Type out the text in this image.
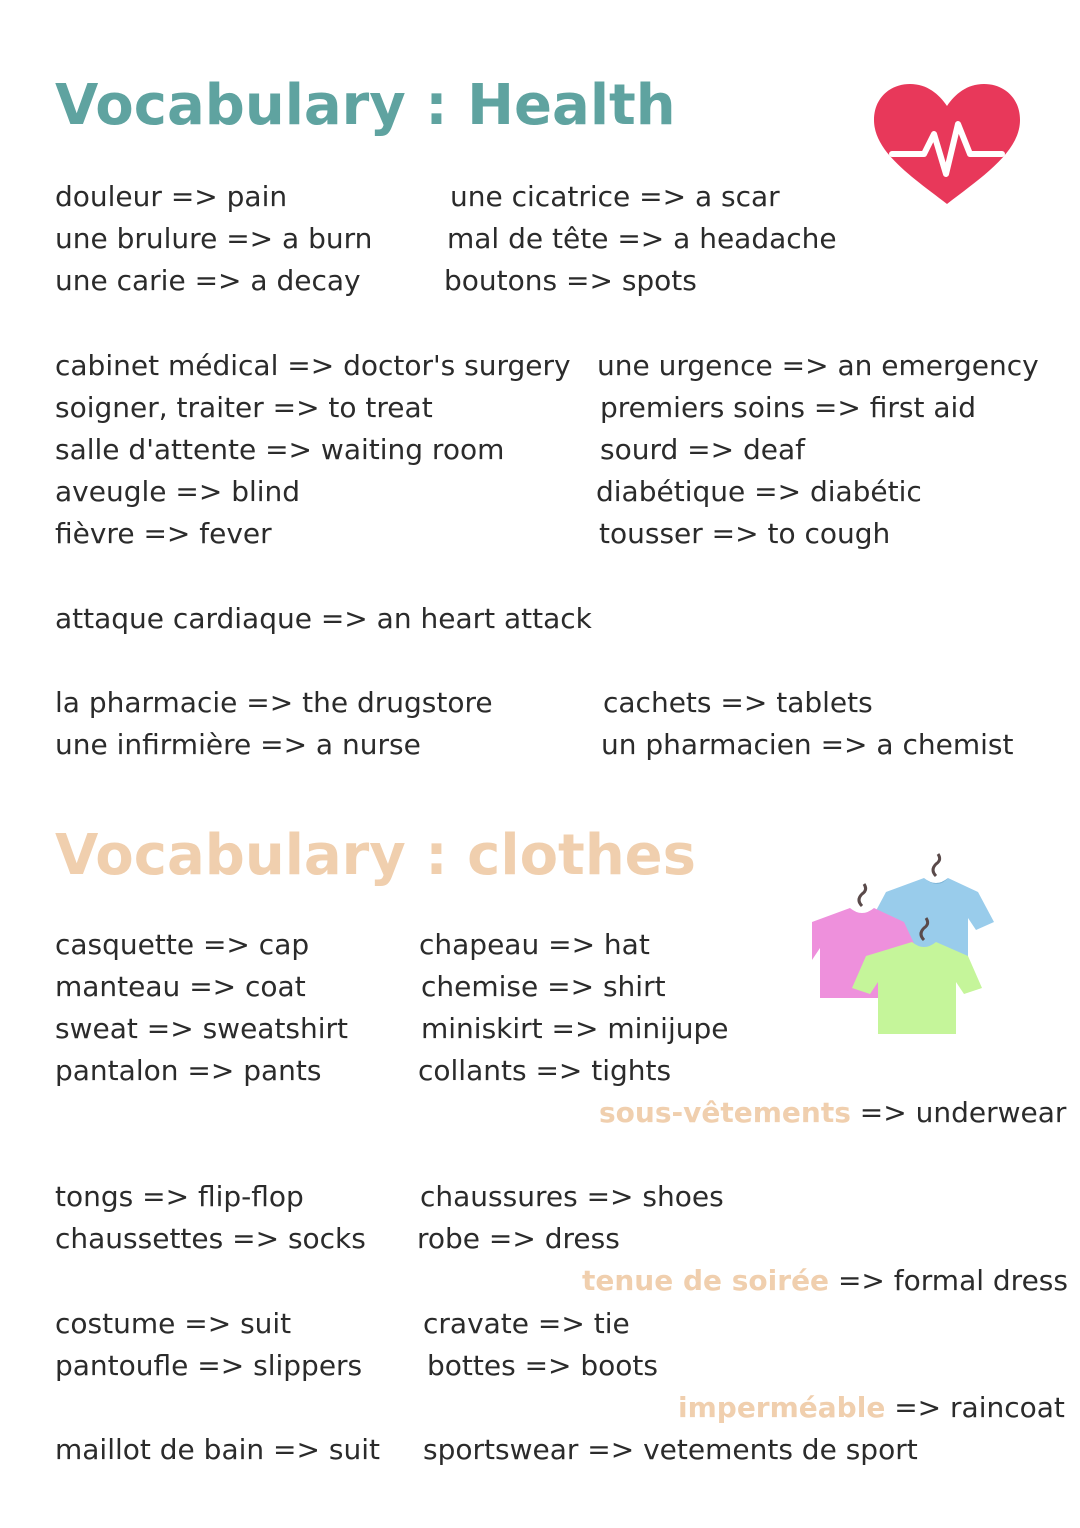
Vocabulary : Health

douleur => pain

une brulure => a burn

une carie => a decay

une cicatrice => a scar

mal de tête => a headache

boutons => spots

cabinet médical => doctor's surgery

soigner, traiter => to treat

salle d'attente => waiting room

aveugle => blind

fièvre => fever

une urgence => an emergency

premiers soins => first aid

sourd => deaf

diabétique => diabétic

tousser => to cough

attaque cardiaque => an heart attack

la pharmacie => the drugstore

une infirmière => a nurse

cachets => tablets

un pharmacien => a chemist

Vocabulary : clothes

casquette => cap

manteau => coat

sweat => sweatshirt

pantalon => pants

chapeau => hat

chemise => shirt

miniskirt => minijupe

collants => tights

sous-vêtements => underwear

tongs => flip-flop

chaussettes => socks

chaussures => shoes

robe => dress

tenue de soirée => formal dress

costume => suit

pantoufle => slippers

cravate => tie

bottes => boots

imperméable => raincoat

maillot de bain => suit sportswear => vetements de sport
